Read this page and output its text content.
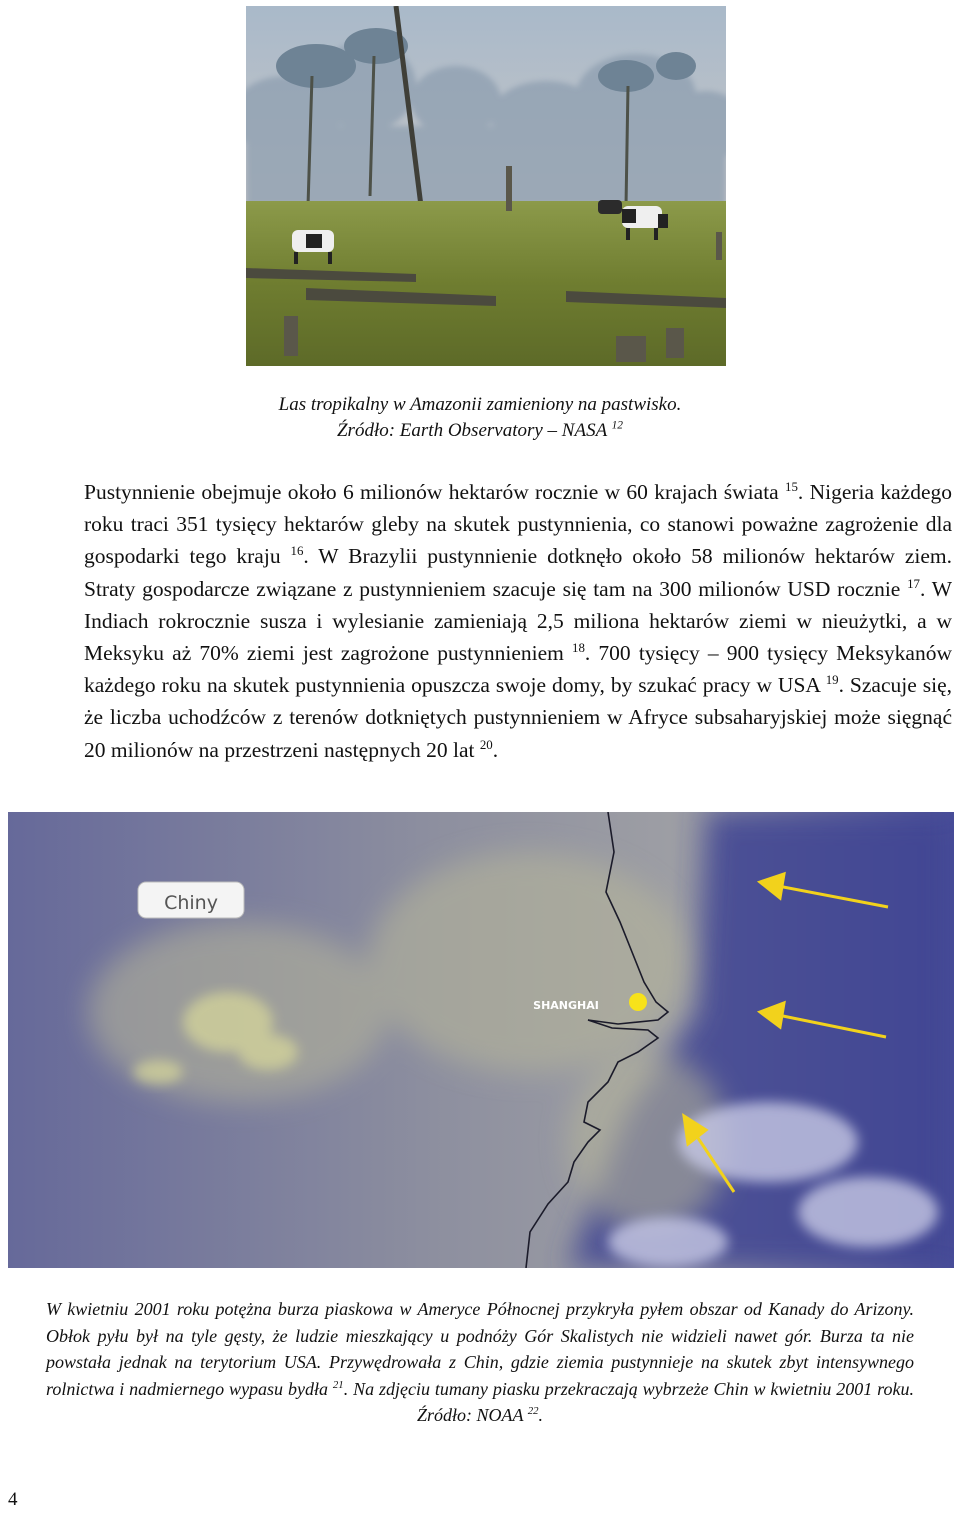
Las tropikalny w Amazonii zamieniony na pastwisko.

Źródło: Earth Observatory – NASA $^{12}$

Pustynnienie obejmuje około 6 milionów hektarów rocznie w 60 krajach świata $^{15}$. Nigeria każdego roku traci 351 tysięcy hektarów gleby na skutek pustynnienia, co stanowi poważne zagrożenie dla gospodarki tego kraju $^{16}$. W Brazylii pustynnienie dotknęło około 58 milionów hektarów ziem. Straty gospodarcze związane z pustynnieniem szacuje się tam na 300 milionów USD rocznie $^{17}$. W Indiach rokrocznie susza i wylesianie zamieniają 2,5 miliona hektarów ziemi w nieużytki, a w Meksyku aż 70% ziemi jest zagrożone pustynnieniem $^{18}$. 700 tysięcy – 900 tysięcy Meksykanów każdego roku na skutek pustynnienia opuszcza swoje domy, by szukać pracy w USA $^{19}$. Szacuje się, że liczba uchodźców z terenów dotkniętych pustynnieniem w Afryce subsaharyjskiej może sięgnąć 20 milionów na przestrzeni następnych 20 lat $^{20}$.

Chiny
SHANGHAI

W kwietniu 2001 roku potężna burza piaskowa w Ameryce Północnej przykryła pyłem obszar od Kanady do Arizony. Obłok pyłu był na tyle gęsty, że ludzie mieszkający u podnóży Gór Skalistych nie widzieli nawet gór. Burza ta nie powstała jednak na terytorium USA. Przywędrowała z Chin, gdzie ziemia pustynnieje na skutek zbyt intensywnego rolnictwa i nadmiernego wypasu bydła $^{21}$. Na zdjęciu tumany piasku przekraczają wybrzeże Chin w kwietniu 2001 roku. Źródło: NOAA $^{22}$.

4
